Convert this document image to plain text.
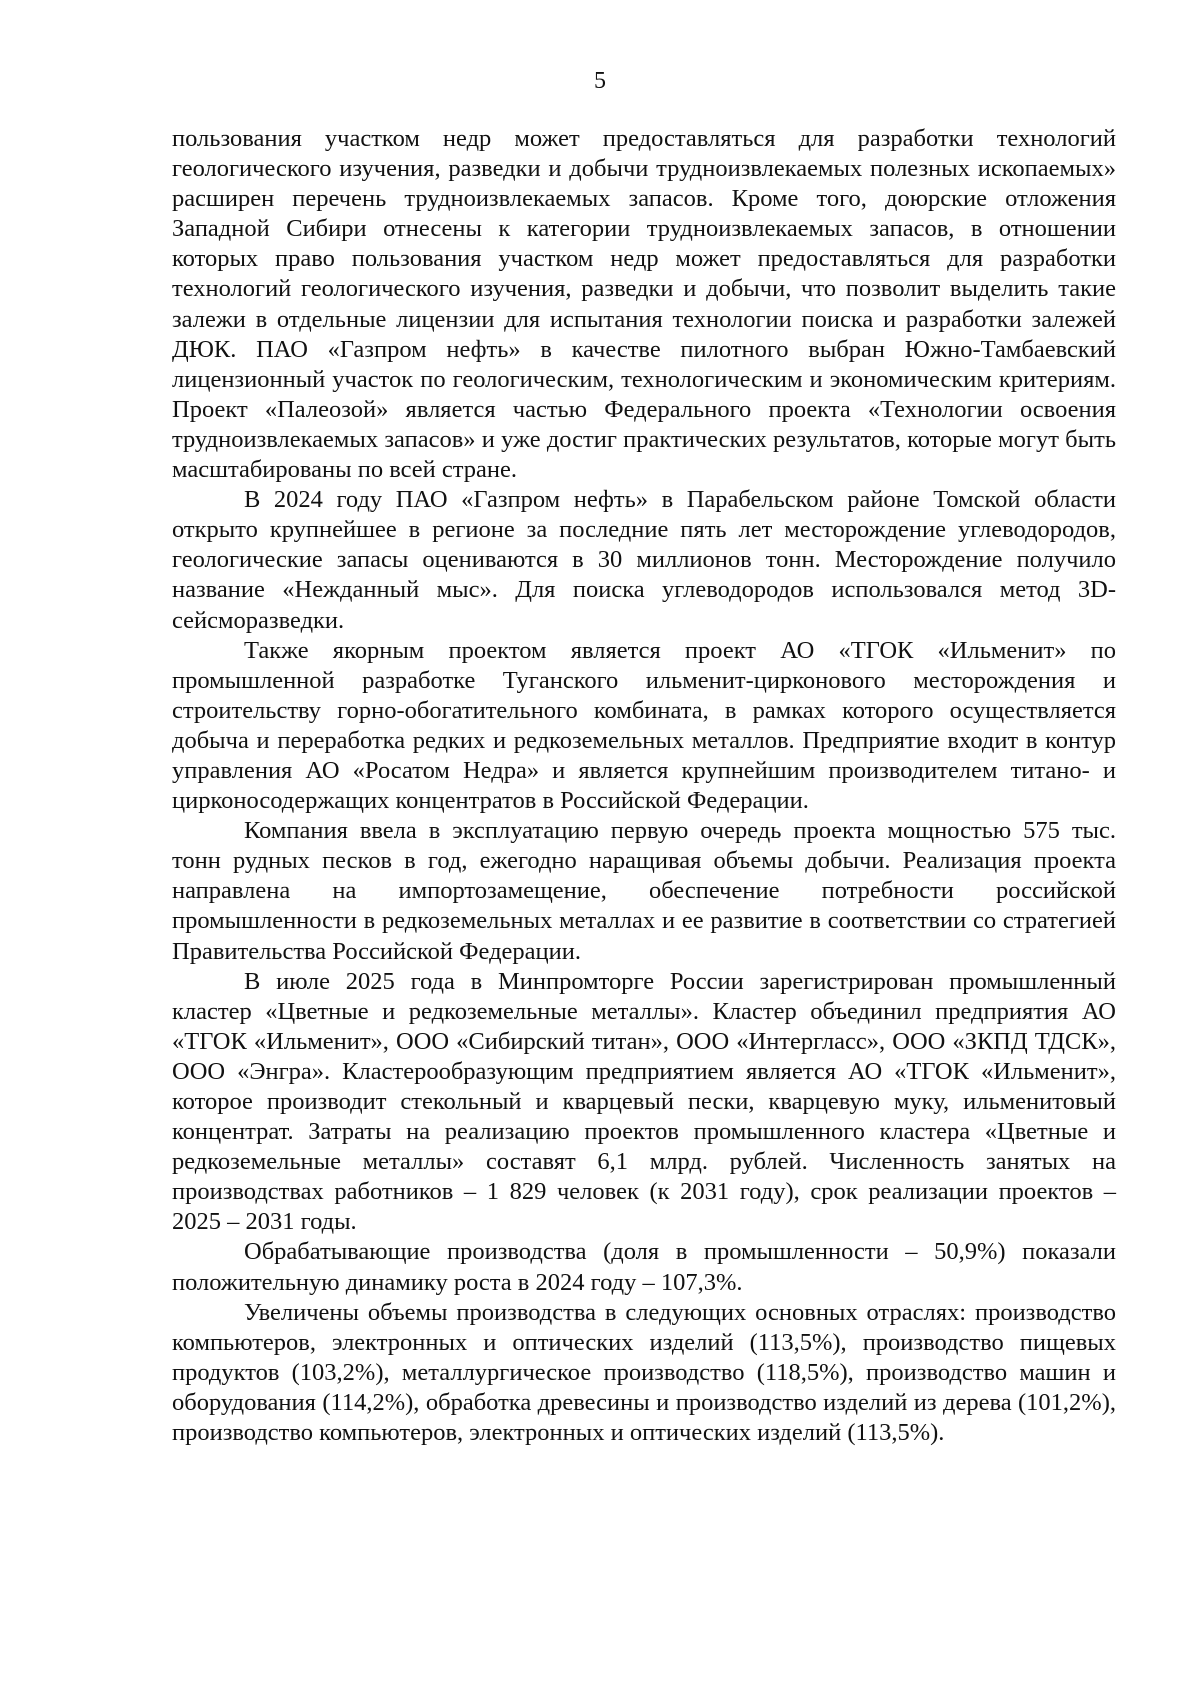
5

пользования участком недр может предоставляться для разработки технологий геологического изучения, разведки и добычи трудноизвлекаемых полезных ископаемых» расширен перечень трудноизвлекаемых запасов. Кроме того, доюрские отложения Западной Сибири отнесены к категории трудноизвлекаемых запасов, в отношении которых право пользования участком недр может предоставляться для разработки технологий геологического изучения, разведки и добычи, что позволит выделить такие залежи в отдельные лицензии для испытания технологии поиска и разработки залежей ДЮК. ПАО «Газпром нефть» в качестве пилотного выбран Южно-Тамбаевский лицензионный участок по геологическим, технологическим и экономическим критериям. Проект «Палеозой» является частью Федерального проекта «Технологии освоения трудноизвлекаемых запасов» и уже достиг практических результатов, которые могут быть масштабированы по всей стране.

В 2024 году ПАО «Газпром нефть» в Парабельском районе Томской области открыто крупнейшее в регионе за последние пять лет месторождение углеводородов, геологические запасы оцениваются в 30 миллионов тонн. Месторождение получило название «Нежданный мыс». Для поиска углеводородов использовался метод 3D-сейсморазведки.

Также якорным проектом является проект АО «ТГОК «Ильменит» по промышленной разработке Туганского ильменит-цирконового месторождения и строительству горно-обогатительного комбината, в рамках которого осуществляется добыча и переработка редких и редкоземельных металлов. Предприятие входит в контур управления АО «Росатом Недра» и является крупнейшим производителем титано- и цирконосодержащих концентратов в Российской Федерации.

Компания ввела в эксплуатацию первую очередь проекта мощностью 575 тыс. тонн рудных песков в год, ежегодно наращивая объемы добычи. Реализация проекта направлена на импортозамещение, обеспечение потребности российской промышленности в редкоземельных металлах и ее развитие в соответствии со стратегией Правительства Российской Федерации.

В июле 2025 года в Минпромторге России зарегистрирован промышленный кластер «Цветные и редкоземельные металлы». Кластер объединил предприятия АО «ТГОК «Ильменит», ООО «Сибирский титан», ООО «Интергласс», ООО «ЗКПД ТДСК», ООО «Энгра». Кластерообразующим предприятием является АО «ТГОК «Ильменит», которое производит стекольный и кварцевый пески, кварцевую муку, ильменитовый концентрат. Затраты на реализацию проектов промышленного кластера «Цветные и редкоземельные металлы» составят 6,1 млрд. рублей. Численность занятых на производствах работников – 1 829 человек (к 2031 году), срок реализации проектов – 2025 – 2031 годы.

Обрабатывающие производства (доля в промышленности – 50,9%) показали положительную динамику роста в 2024 году – 107,3%.

Увеличены объемы производства в следующих основных отраслях: производство компьютеров, электронных и оптических изделий (113,5%), производство пищевых продуктов (103,2%), металлургическое производство (118,5%), производство машин и оборудования (114,2%), обработка древесины и производство изделий из дерева (101,2%), производство компьютеров, электронных и оптических изделий (113,5%).
